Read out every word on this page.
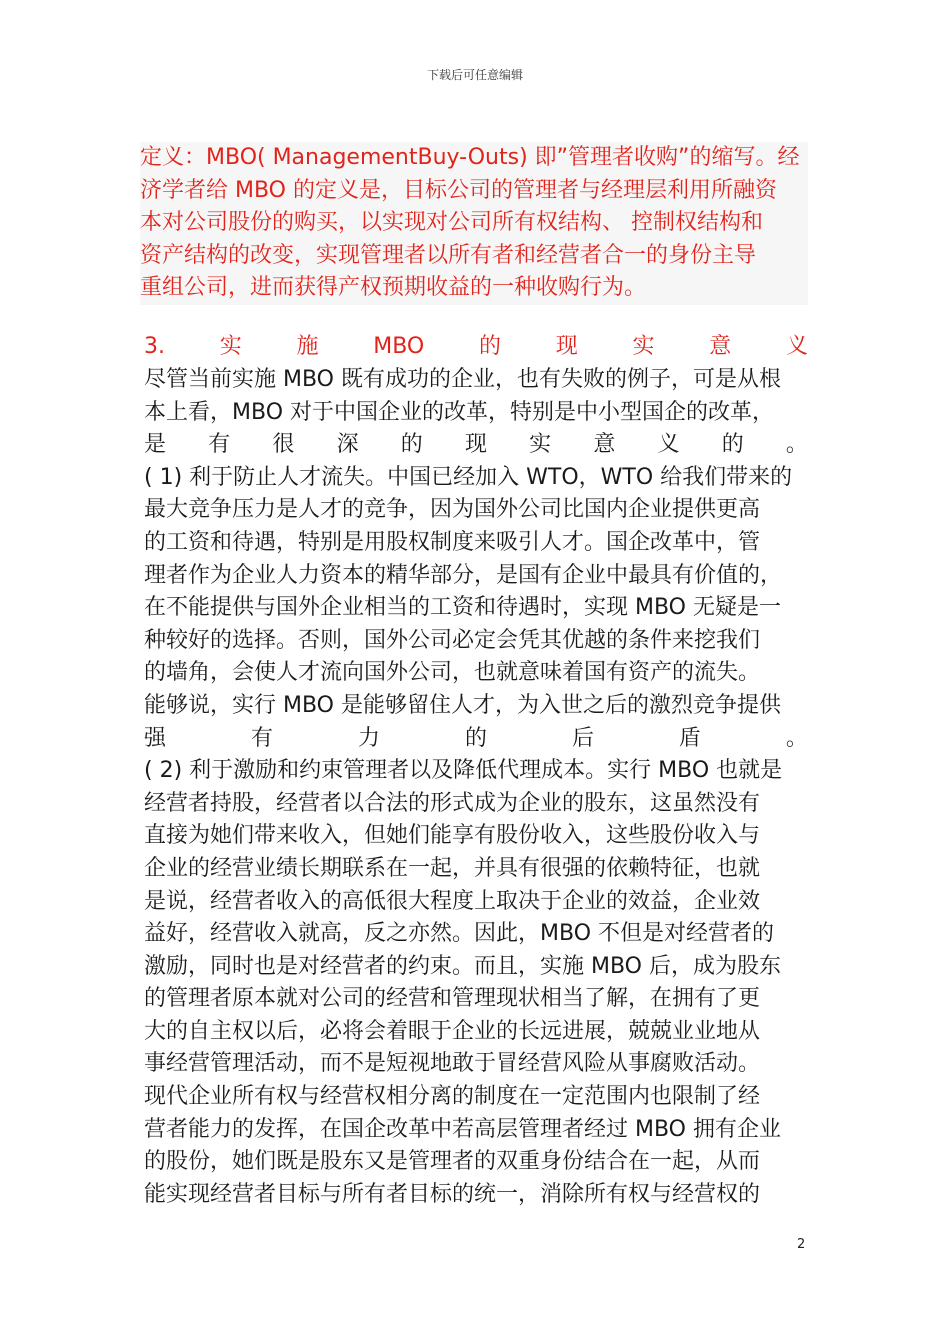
下载后可任意编辑
定义：MBO( ManagementBuy-Outs) 即”管理者收购”的缩写。经
济学者给 MBO 的定义是，目标公司的管理者与经理层利用所融资
本对公司股份的购买，以实现对公司所有权结构、 控制权结构和
资产结构的改变，实现管理者以所有者和经营者合一的身份主导
重组公司，进而获得产权预期收益的一种收购行为。
3. 实 施 MBO 的 现 实 意 义
尽管当前实施 MBO 既有成功的企业，也有失败的例子，可是从根
本上看，MBO 对于中国企业的改革，特别是中小型国企的改革，
是 有 很 深 的 现 实 意 义 的 。
( 1) 利于防止人才流失。中国已经加入 WTO，WTO 给我们带来的
最大竞争压力是人才的竞争，因为国外公司比国内企业提供更高
的工资和待遇，特别是用股权制度来吸引人才。国企改革中，管
理者作为企业人力资本的精华部分，是国有企业中最具有价值的，
在不能提供与国外企业相当的工资和待遇时，实现 MBO 无疑是一
种较好的选择。否则，国外公司必定会凭其优越的条件来挖我们
的墙角，会使人才流向国外公司，也就意味着国有资产的流失。
能够说，实行 MBO 是能够留住人才，为入世之后的激烈竞争提供
强	有	力	的	后	盾	。
( 2) 利于激励和约束管理者以及降低代理成本。实行 MBO 也就是
经营者持股，经营者以合法的形式成为企业的股东，这虽然没有
直接为她们带来收入，但她们能享有股份收入，这些股份收入与
企业的经营业绩长期联系在一起，并具有很强的依赖特征，也就
是说，经营者收入的高低很大程度上取决于企业的效益，企业效
益好，经营收入就高，反之亦然。因此，MBO 不但是对经营者的
激励，同时也是对经营者的约束。而且，实施 MBO 后，成为股东
的管理者原本就对公司的经营和管理现状相当了解，在拥有了更
大的自主权以后，必将会着眼于企业的长远进展，兢兢业业地从
事经营管理活动，而不是短视地敢于冒经营风险从事腐败活动。
现代企业所有权与经营权相分离的制度在一定范围内也限制了经
营者能力的发挥，在国企改革中若高层管理者经过 MBO 拥有企业
的股份，她们既是股东又是管理者的双重身份结合在一起，从而
能实现经营者目标与所有者目标的统一，消除所有权与经营权的
2
